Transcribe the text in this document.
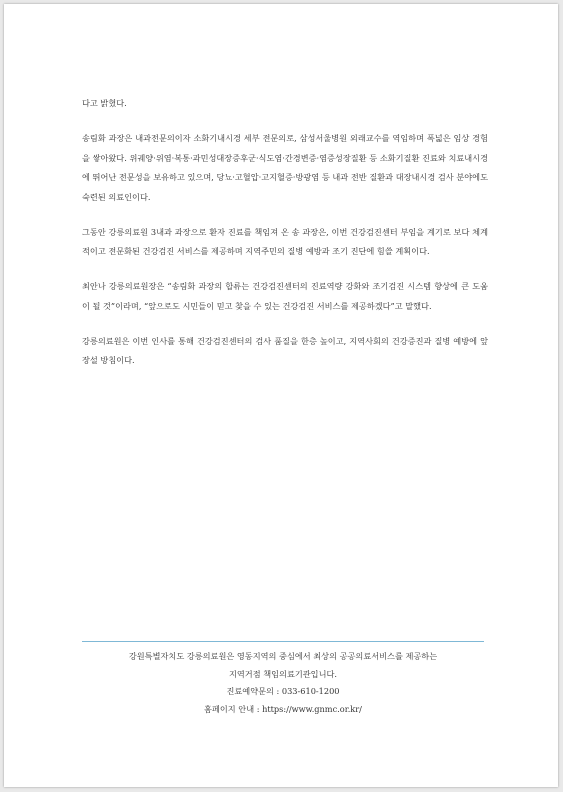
다고 밝혔다.

송림화 과장은 내과전문의이자 소화기내시경 세부 전문의로, 삼성서울병원 외래교수를 역임하며 폭넓은 임상 경험을 쌓아왔다. 위궤양·위염·복통·과민성대장증후군·식도염·간경변증·염증성장질환 등 소화기질환 진료와 치료내시경에 뛰어난 전문성을 보유하고 있으며, 당뇨·고혈압·고지혈증·방광염 등 내과 전반 질환과 대장내시경 검사 분야에도 숙련된 의료인이다.

그동안 강릉의료원 3내과 과장으로 환자 진료를 책임져 온 송 과장은, 이번 건강검진센터 부임을 계기로 보다 체계적이고 전문화된 건강검진 서비스를 제공하며 지역주민의 질병 예방과 조기 진단에 힘쓸 계획이다.

최안나 강릉의료원장은 “송림화 과장의 합류는 건강검진센터의 진료역량 강화와 조기검진 시스템 향상에 큰 도움이 될 것”이라며, “앞으로도 시민들이 믿고 찾을 수 있는 건강검진 서비스를 제공하겠다”고 말했다.

강릉의료원은 이번 인사를 통해 건강검진센터의 검사 품질을 한층 높이고, 지역사회의 건강증진과 질병 예방에 앞장설 방침이다.

강원특별자치도 강릉의료원은 영동지역의 중심에서 최상의 공공의료서비스를 제공하는
지역거점 책임의료기관입니다.
진료예약문의 : 033-610-1200
홈페이지 안내 : https://www.gnmc.or.kr/
